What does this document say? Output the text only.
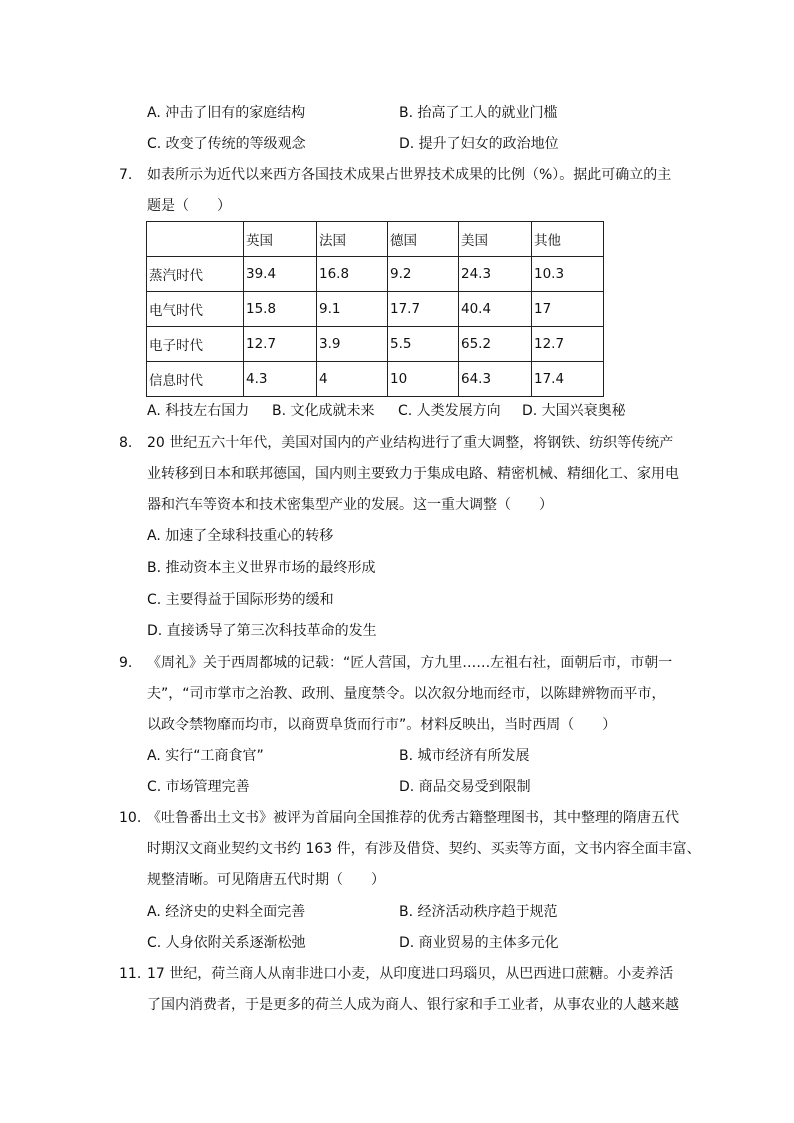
A. 冲击了旧有的家庭结构	B. 抬高了工人的就业门槛
C. 改变了传统的等级观念	D. 提升了妇女的政治地位
7. 如表所示为近代以来西方各国技术成果占世界技术成果的比例（%）。据此可确立的主
题是（　　）
	英国	法国	德国	美国	其他
蒸汽时代	39.4	16.8	9.2	24.3	10.3
电气时代	15.8	9.1	17.7	40.4	17
电子时代	12.7	3.9	5.5	65.2	12.7
信息时代	4.3	4	10	64.3	17.4
A. 科技左右国力 B. 文化成就未来 C. 人类发展方向 D. 大国兴衰奥秘
8. 20 世纪五六十年代，美国对国内的产业结构进行了重大调整，将钢铁、纺织等传统产
业转移到日本和联邦德国，国内则主要致力于集成电路、精密机械、精细化工、家用电
器和汽车等资本和技术密集型产业的发展。这一重大调整（　　）
A. 加速了全球科技重心的转移
B. 推动资本主义世界市场的最终形成
C. 主要得益于国际形势的缓和
D. 直接诱导了第三次科技革命的发生
9. 《周礼》关于西周都城的记载：“匠人营国，方九里……左祖右社，面朝后市，市朝一
夫”，“司市掌市之治教、政刑、量度禁令。以次叙分地而经市，以陈肆辨物而平市，
以政令禁物靡而均市，以商贾阜货而行市”。材料反映出，当时西周（　　）
A. 实行“工商食官”	B. 城市经济有所发展
C. 市场管理完善	D. 商品交易受到限制
10. 《吐鲁番出土文书》被评为首届向全国推荐的优秀古籍整理图书，其中整理的隋唐五代
时期汉文商业契约文书约 163 件，有涉及借贷、契约、买卖等方面，文书内容全面丰富、
规整清晰。可见隋唐五代时期（　　）
A. 经济史的史料全面完善	B. 经济活动秩序趋于规范
C. 人身依附关系逐渐松弛	D. 商业贸易的主体多元化
11. 17 世纪，荷兰商人从南非进口小麦，从印度进口玛瑙贝，从巴西进口蔗糖。小麦养活
了国内消费者，于是更多的荷兰人成为商人、银行家和手工业者，从事农业的人越来越
